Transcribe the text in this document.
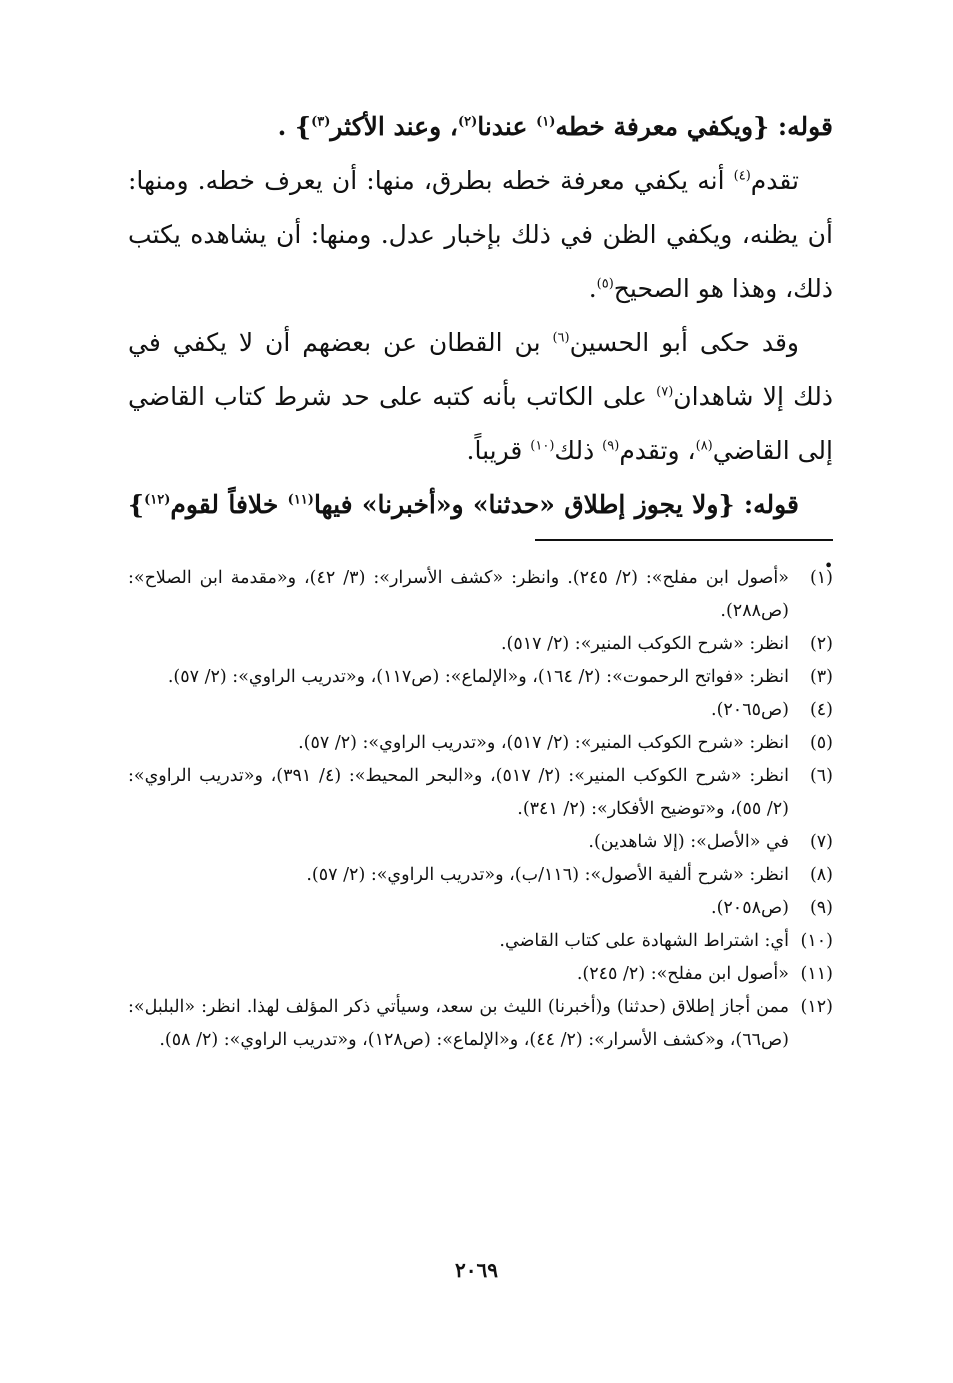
قوله: {ويكفي معرفة خطه$^{(١)}$ عندنا$^{(٢)}$، وعند الأكثر$^{(٣)}$} .

تقدم$^{(٤)}$ أنه يكفي معرفة خطه بطرق، منها: أن يعرف خطه. ومنها: أن يظنه، ويكفي الظن في ذلك بإخبار عدل. ومنها: أن يشاهده يكتب ذلك، وهذا هو الصحيح$^{(٥)}$.

وقد حكى أبو الحسين$^{(٦)}$ بن القطان عن بعضهم أن لا يكفي في ذلك إلا شاهدان$^{(٧)}$ على الكاتب بأنه كتبه على حد شرط كتاب القاضي إلى القاضي$^{(٨)}$، وتقدم$^{(٩)}$ ذلك$^{(١٠)}$ قريباً.

قوله: {ولا يجوز إطلاق «حدثنا» و«أخبرنا» فيها$^{(١١)}$ خلافاً لقوم$^{(١٢)}$} .

(١)
«أصول ابن مفلح»: (٢/ ٢٤٥). وانظر: «كشف الأسرار»: (٣/ ٤٢)، و«مقدمة ابن الصلاح»: (ص٢٨٨).
(٢)
انظر: «شرح الكوكب المنير»: (٢/ ٥١٧).
(٣)
انظر: «فواتح الرحموت»: (٢/ ١٦٤)، و«الإلماع»: (ص١١٧)، و«تدريب الراوي»: (٢/ ٥٧).
(٤)
(ص٢٠٦٥).
(٥)
انظر: «شرح الكوكب المنير»: (٢/ ٥١٧)، و«تدريب الراوي»: (٢/ ٥٧).
(٦)
انظر: «شرح الكوكب المنير»: (٢/ ٥١٧)، و«البحر المحيط»: (٤/ ٣٩١)، و«تدريب الراوي»: (٢/ ٥٥)، و«توضيح الأفكار»: (٢/ ٣٤١).
(٧)
في «الأصل»: (إلا شاهدين).
(٨)
انظر: «شرح ألفية الأصول»: (١١٦/ب)، و«تدريب الراوي»: (٢/ ٥٧).
(٩)
(ص٢٠٥٨).
(١٠)
أي: اشتراط الشهادة على كتاب القاضي.
(١١)
«أصول ابن مفلح»: (٢/ ٢٤٥).
(١٢)
ممن أجاز إطلاق (حدثنا) و(أخبرنا) الليث بن سعد، وسيأتي ذكر المؤلف لهذا. انظر: «البلبل»: (ص٦٦)، و«كشف الأسرار»: (٢/ ٤٤)، و«الإلماع»: (ص١٢٨)، و«تدريب الراوي»: (٢/ ٥٨).
٢٠٦٩
